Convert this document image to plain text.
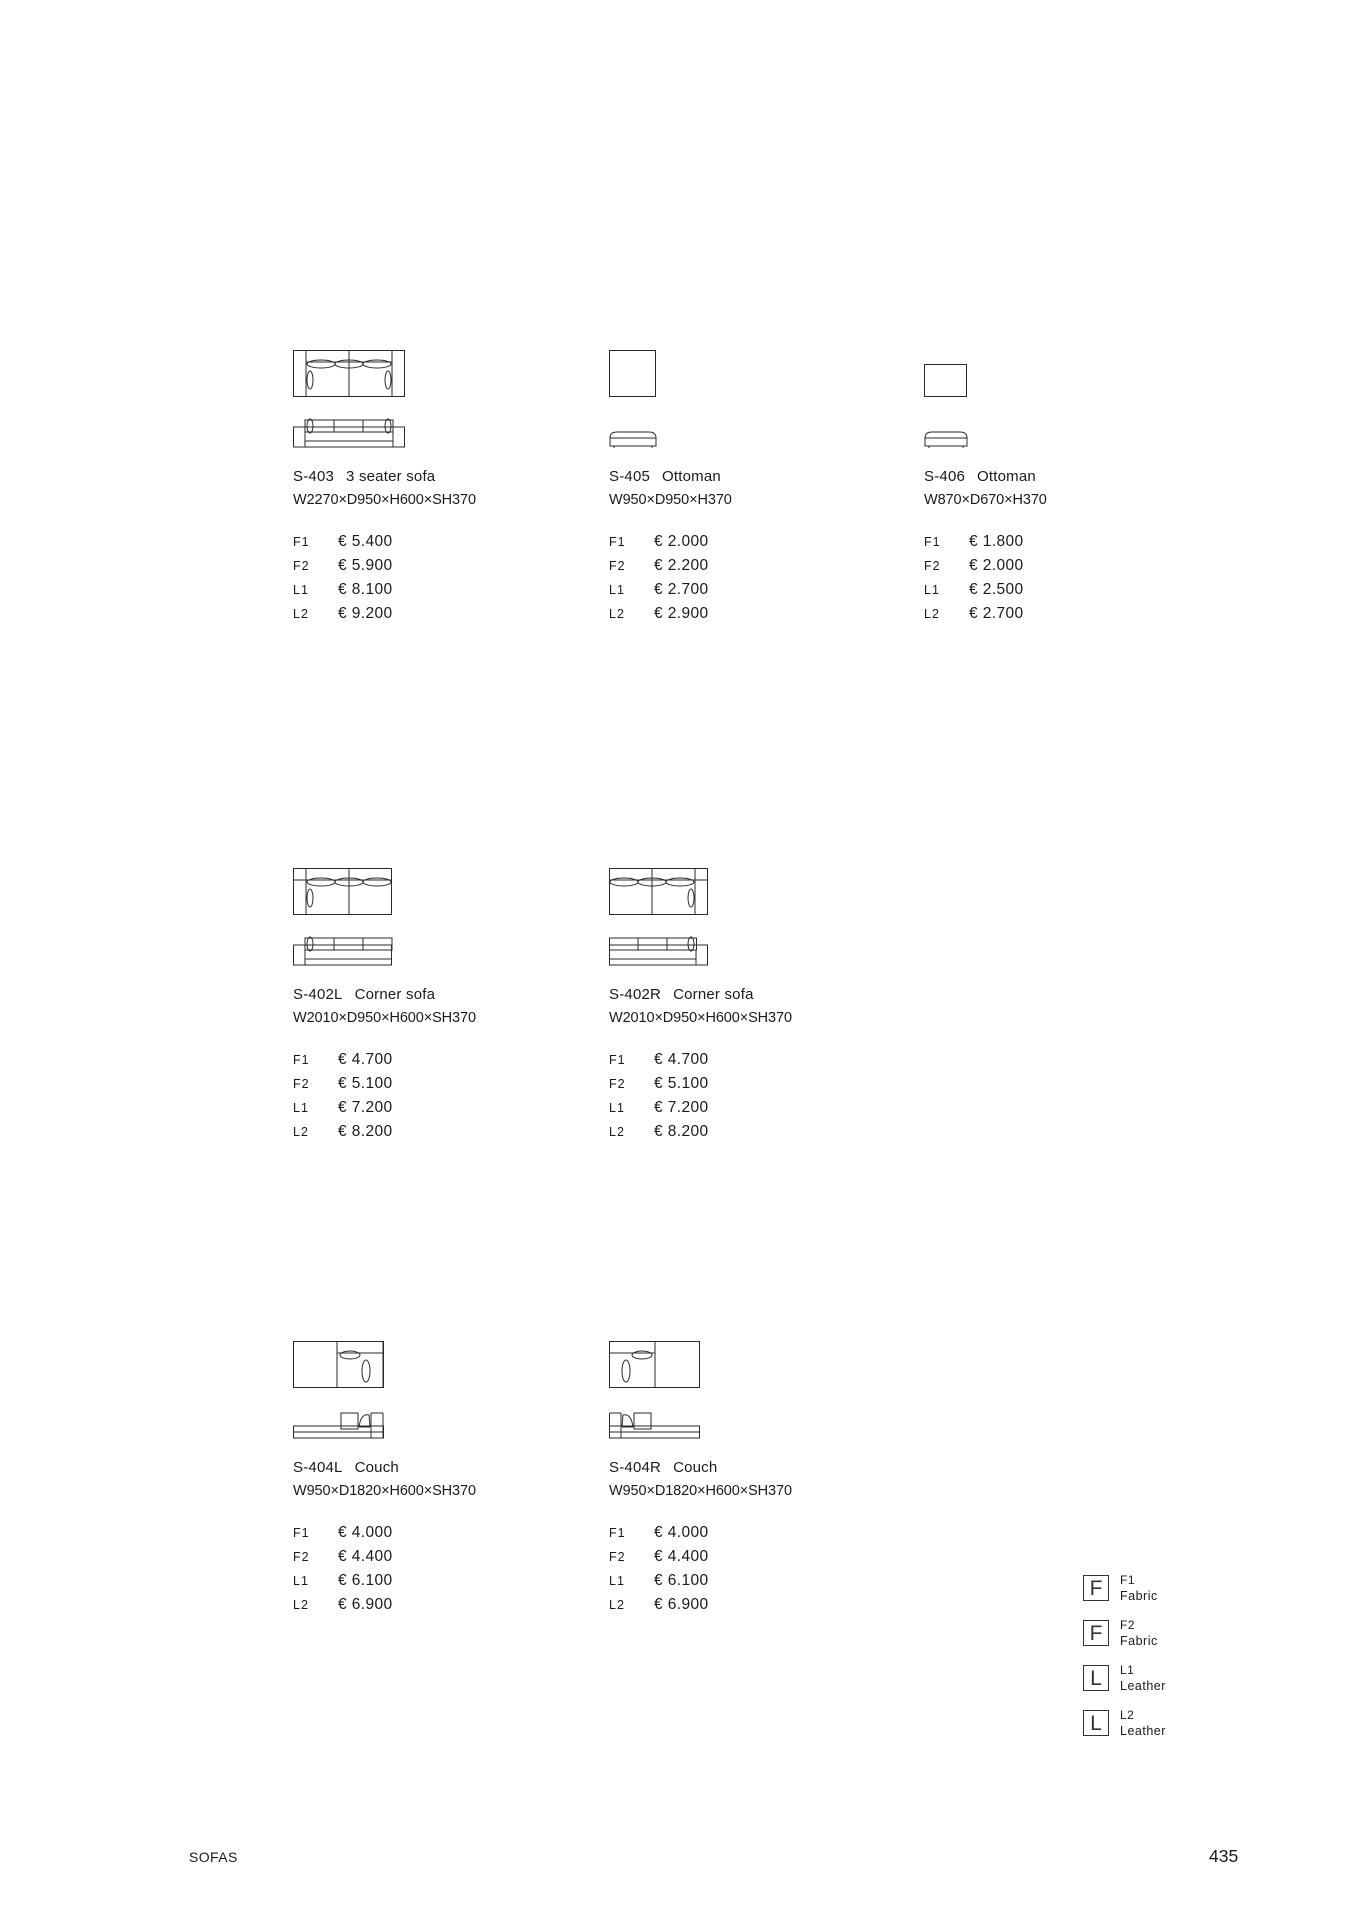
S-403 3 seater sofa
W2270×D950×H600×SH370
F1	€ 5.400
F2	€ 5.900
L1	€ 8.100
L2	€ 9.200
S-405 Ottoman
W950×D950×H370
F1	€ 2.000
F2	€ 2.200
L1	€ 2.700
L2	€ 2.900
S-406 Ottoman
W870×D670×H370
F1	€ 1.800
F2	€ 2.000
L1	€ 2.500
L2	€ 2.700
S-402L Corner sofa
W2010×D950×H600×SH370
F1	€ 4.700
F2	€ 5.100
L1	€ 7.200
L2	€ 8.200
S-402R Corner sofa
W2010×D950×H600×SH370
F1	€ 4.700
F2	€ 5.100
L1	€ 7.200
L2	€ 8.200
S-404L Couch
W950×D1820×H600×SH370
F1	€ 4.000
F2	€ 4.400
L1	€ 6.100
L2	€ 6.900
S-404R Couch
W950×D1820×H600×SH370
F1	€ 4.000
F2	€ 4.400
L1	€ 6.100
L2	€ 6.900
F	F1
Fabric
F	F2
Fabric
L	L1
Leather
L	L2
Leather
SOFAS	435
